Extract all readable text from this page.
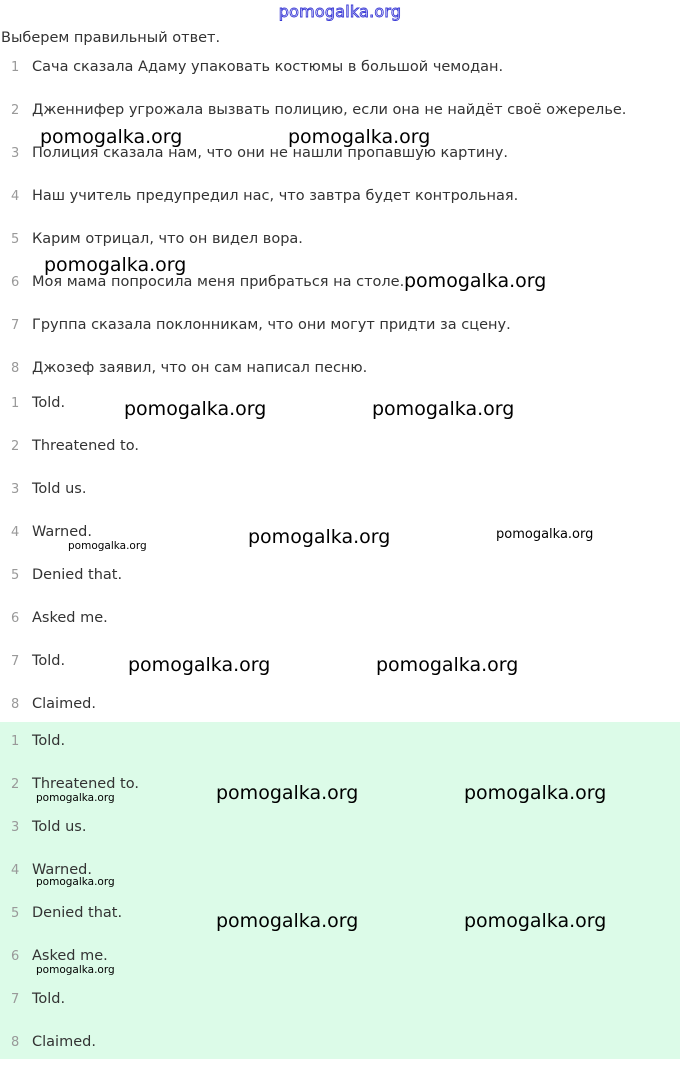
pomogalka.org
Выберем правильный ответ.
1 Сача сказала Адаму упаковать костюмы в большой чемодан.
2 Дженнифер угрожала вызвать полицию, если она не найдёт своё ожерелье.
3 Полиция сказала нам, что они не нашли пропавшую картину.
4 Наш учитель предупредил нас, что завтра будет контрольная.
5 Карим отрицал, что он видел вора.
6 Моя мама попросила меня прибраться на столе.
7 Группа сказала поклонникам, что они могут придти за сцену.
8 Джозеф заявил, что он сам написал песню.
1 Told.
2 Threatened to.
3 Told us.
4 Warned.
5 Denied that.
6 Asked me.
7 Told.
8 Claimed.
1 Told.
2 Threatened to.
3 Told us.
4 Warned.
5 Denied that.
6 Asked me.
7 Told.
8 Claimed.
pomogalka.org	pomogalka.org
pomogalka.org
pomogalka.org
pomogalka.org	pomogalka.org
pomogalka.org	pomogalka.org	pomogalka.org
pomogalka.org	pomogalka.org
pomogalka.org	pomogalka.org	pomogalka.org
pomogalka.org
pomogalka.org	pomogalka.org
pomogalka.org
